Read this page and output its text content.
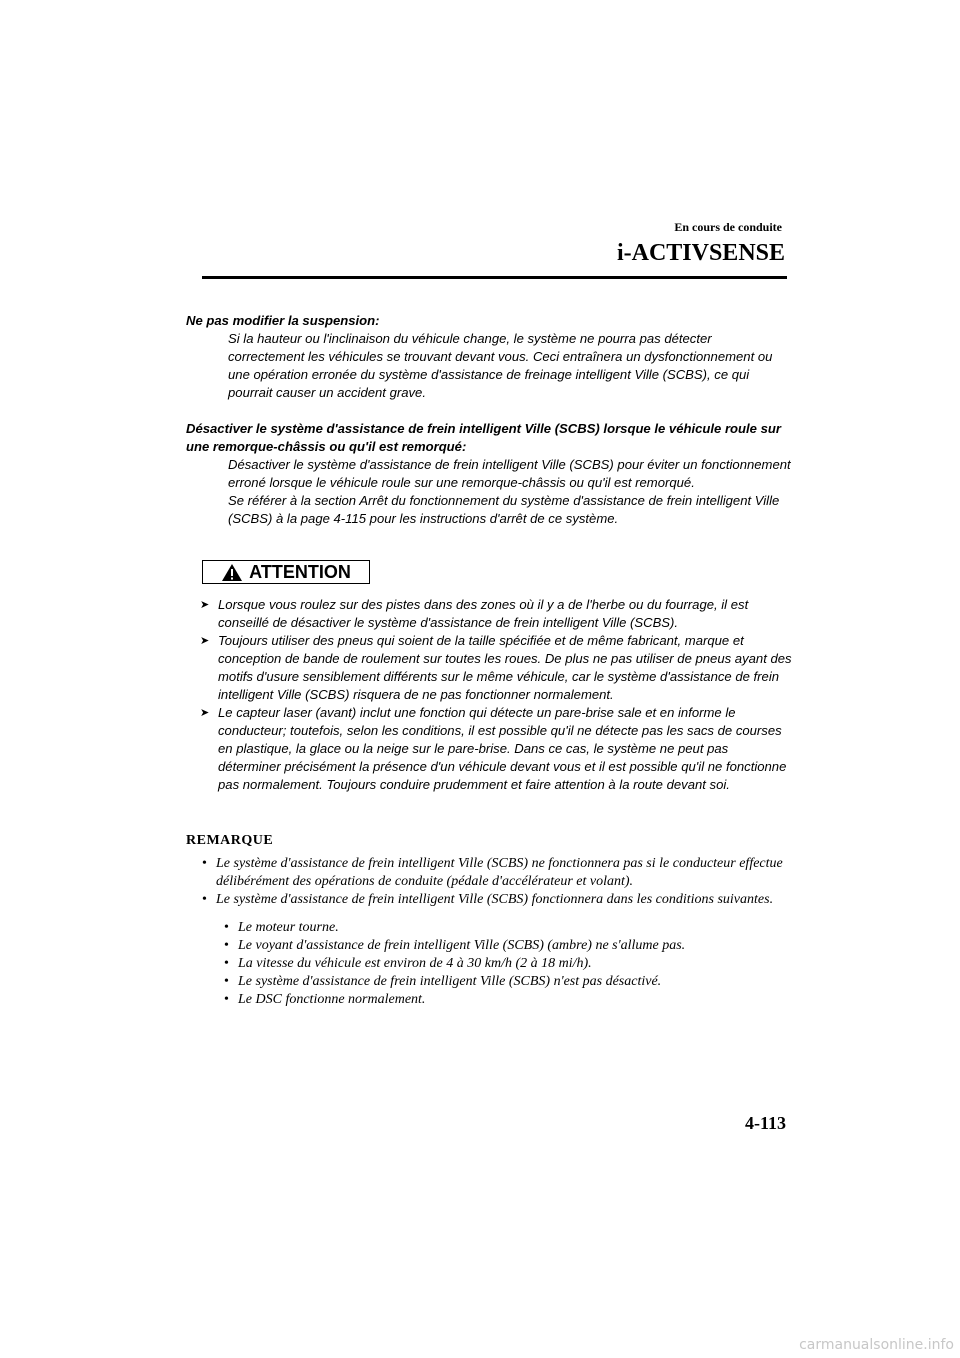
En cours de conduite
i-ACTIVSENSE
Ne pas modifier la suspension:

Si la hauteur ou l'inclinaison du véhicule change, le système ne pourra pas détecter correctement les véhicules se trouvant devant vous. Ceci entraînera un dysfonctionnement ou une opération erronée du système d'assistance de freinage intelligent Ville (SCBS), ce qui pourrait causer un accident grave.

Désactiver le système d'assistance de frein intelligent Ville (SCBS) lorsque le véhicule roule sur une remorque-châssis ou qu'il est remorqué:

Désactiver le système d'assistance de frein intelligent Ville (SCBS) pour éviter un fonctionnement erroné lorsque le véhicule roule sur une remorque-châssis ou qu'il est remorqué.

Se référer à la section Arrêt du fonctionnement du système d'assistance de frein intelligent Ville (SCBS) à la page 4-115 pour les instructions d'arrêt de ce système.

ATTENTION

➤ Lorsque vous roulez sur des pistes dans des zones où il y a de l'herbe ou du fourrage, il est conseillé de désactiver le système d'assistance de frein intelligent Ville (SCBS).

➤ Toujours utiliser des pneus qui soient de la taille spécifiée et de même fabricant, marque et conception de bande de roulement sur toutes les roues. De plus ne pas utiliser de pneus ayant des motifs d'usure sensiblement différents sur le même véhicule, car le système d'assistance de frein intelligent Ville (SCBS) risquera de ne pas fonctionner normalement.

➤ Le capteur laser (avant) inclut une fonction qui détecte un pare-brise sale et en informe le conducteur; toutefois, selon les conditions, il est possible qu'il ne détecte pas les sacs de courses en plastique, la glace ou la neige sur le pare-brise. Dans ce cas, le système ne peut pas déterminer précisément la présence d'un véhicule devant vous et il est possible qu'il ne fonctionne pas normalement. Toujours conduire prudemment et faire attention à la route devant soi.

REMARQUE

• Le système d'assistance de frein intelligent Ville (SCBS) ne fonctionnera pas si le conducteur effectue délibérément des opérations de conduite (pédale d'accélérateur et volant).

• Le système d'assistance de frein intelligent Ville (SCBS) fonctionnera dans les conditions suivantes.

• Le moteur tourne.

• Le voyant d'assistance de frein intelligent Ville (SCBS) (ambre) ne s'allume pas.

• La vitesse du véhicule est environ de 4 à 30 km/h (2 à 18 mi/h).

• Le système d'assistance de frein intelligent Ville (SCBS) n'est pas désactivé.

• Le DSC fonctionne normalement.

4-113
carmanualsonline.info
